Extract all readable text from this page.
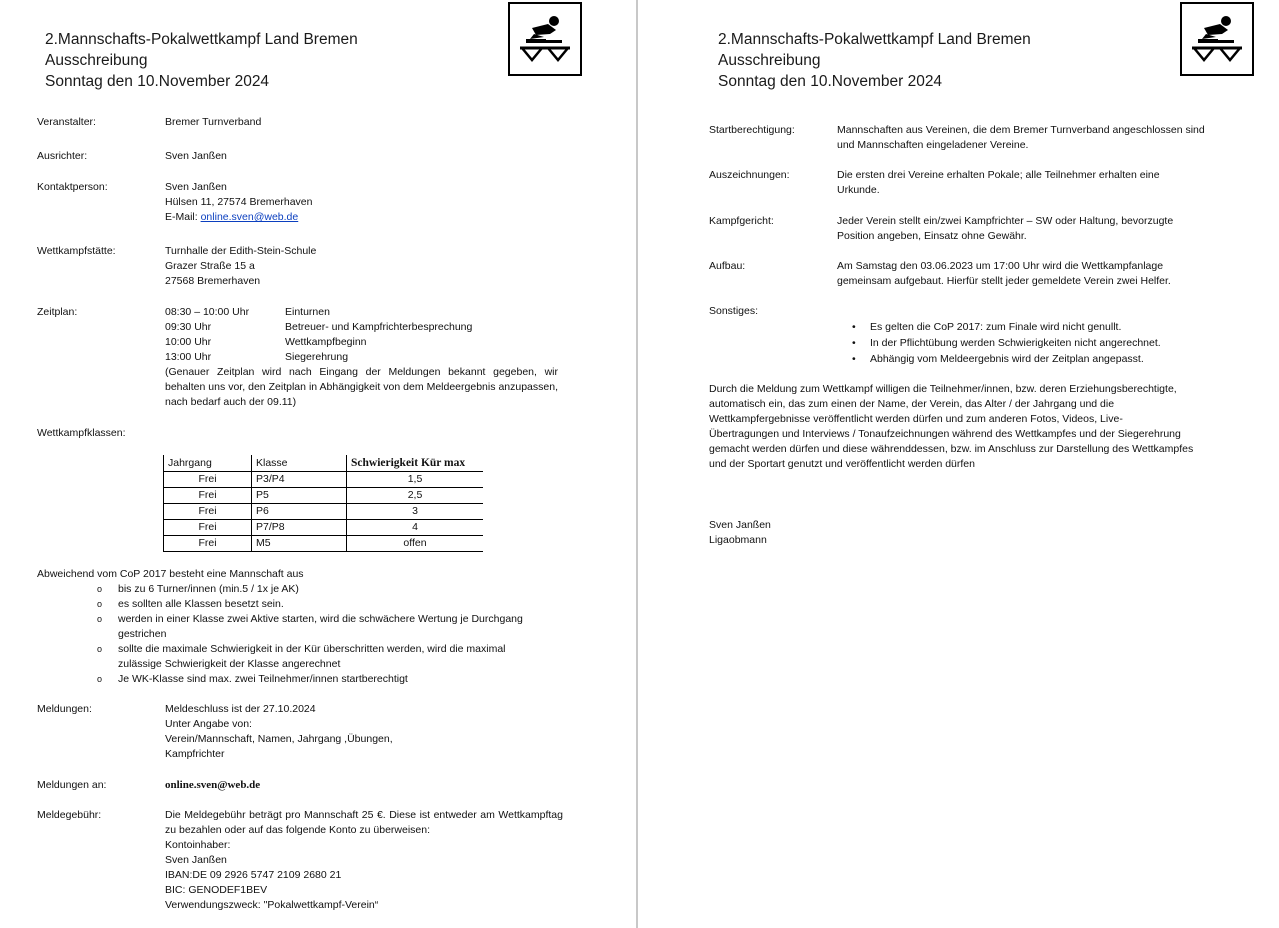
2.Mannschafts-Pokalwettkampf Land Bremen
Ausschreibung
Sonntag den 10.November 2024
Veranstalter:	Bremer Turnverband
Ausrichter:	Sven Janßen
Kontaktperson:	Sven Janßen
Hülsen 11, 27574 Bremerhaven
E-Mail: online.sven@web.de
Wettkampfstätte:	Turnhalle der Edith-Stein-Schule
Grazer Straße 15 a
27568 Bremerhaven
Zeitplan:	08:30 – 10:00 Uhr	Einturnen
09:30 Uhr	Betreuer- und Kampfrichterbesprechung
10:00 Uhr	Wettkampfbeginn
13:00 Uhr	Siegerehrung
(Genauer Zeitplan wird nach Eingang der Meldungen bekannt gegeben, wir behalten uns vor, den Zeitplan in Abhängigkeit von dem Meldeergebnis anzupassen, nach bedarf auch der 09.11)
Wettkampfklassen:
Jahrgang	Klasse	Schwierigkeit Kür max
Frei	P3/P4	1,5
Frei	P5	2,5
Frei	P6	3
Frei	P7/P8	4
Frei	M5	offen
Abweichend vom CoP 2017 besteht eine Mannschaft aus
o bis zu 6 Turner/innen (min.5 / 1x je AK)
o es sollten alle Klassen besetzt sein.
o werden in einer Klasse zwei Aktive starten, wird die schwächere Wertung je Durchgang gestrichen
o sollte die maximale Schwierigkeit in der Kür überschritten werden, wird die maximal zulässige Schwierigkeit der Klasse angerechnet
o Je WK-Klasse sind max. zwei Teilnehmer/innen startberechtigt
Meldungen:	Meldeschluss ist der 27.10.2024
Unter Angabe von:
Verein/Mannschaft, Namen, Jahrgang ,Übungen,
Kampfrichter
Meldungen an:	online.sven@web.de
Meldegebühr:	Die Meldegebühr beträgt pro Mannschaft 25 €. Diese ist entweder am Wettkampftag zu bezahlen oder auf das folgende Konto zu überweisen:
Kontoinhaber:
Sven Janßen
IBAN:DE 09 2926 5747 2109 2680 21
BIC: GENODEF1BEV
Verwendungszweck: "Pokalwettkampf-Verein“
2.Mannschafts-Pokalwettkampf Land Bremen
Ausschreibung
Sonntag den 10.November 2024
Startberechtigung:	Mannschaften aus Vereinen, die dem Bremer Turnverband angeschlossen sind
und Mannschaften eingeladener Vereine.
Auszeichnungen:	Die ersten drei Vereine erhalten Pokale; alle Teilnehmer erhalten eine
Urkunde.
Kampfgericht:	Jeder Verein stellt ein/zwei Kampfrichter – SW oder Haltung, bevorzugte
Position angeben, Einsatz ohne Gewähr.
Aufbau:	Am Samstag den 03.06.2023 um 17:00 Uhr wird die Wettkampfanlage
gemeinsam aufgebaut. Hierfür stellt jeder gemeldete Verein zwei Helfer.
Sonstiges:
• Es gelten die CoP 2017: zum Finale wird nicht genullt.
• In der Pflichtübung werden Schwierigkeiten nicht angerechnet.
• Abhängig vom Meldeergebnis wird der Zeitplan angepasst.
Durch die Meldung zum Wettkampf willigen die Teilnehmer/innen, bzw. deren Erziehungsberechtigte,
automatisch ein, das zum einen der Name, der Verein, das Alter / der Jahrgang und die
Wettkampfergebnisse veröffentlicht werden dürfen und zum anderen Fotos, Videos, Live-
Übertragungen und Interviews / Tonaufzeichnungen während des Wettkampfes und der Siegerehrung
gemacht werden dürfen und diese währenddessen, bzw. im Anschluss zur Darstellung des Wettkampfes
und der Sportart genutzt und veröffentlicht werden dürfen
Sven Janßen
Ligaobmann
